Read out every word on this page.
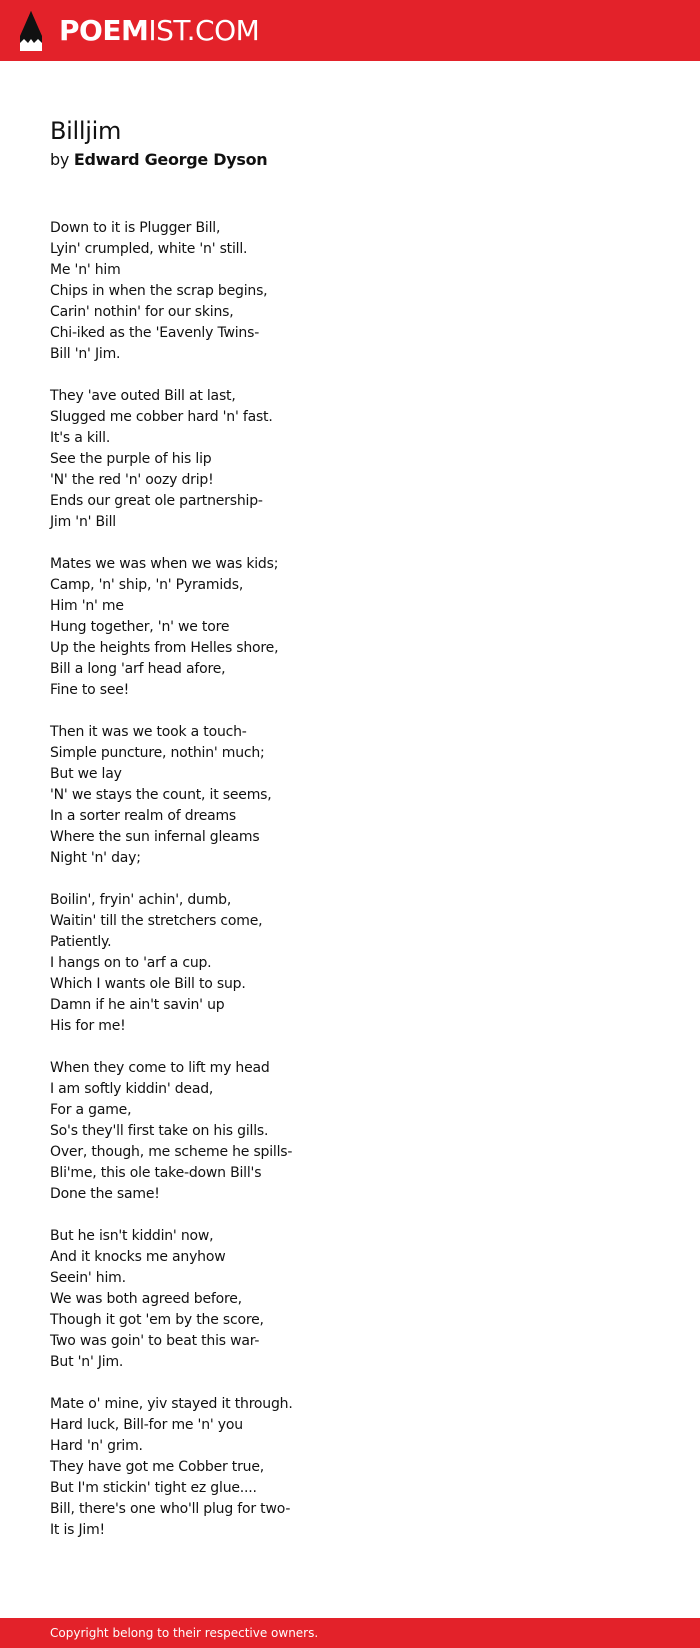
POEMIST.COM
Billjim

by Edward George Dyson

Down to it is Plugger Bill,
Lyin' crumpled, white 'n' still.
Me 'n' him
Chips in when the scrap begins,
Carin' nothin' for our skins,
Chi-iked as the 'Eavenly Twins-
Bill 'n' Jim.
They 'ave outed Bill at last,
Slugged me cobber hard 'n' fast.
It's a kill.
See the purple of his lip
'N' the red 'n' oozy drip!
Ends our great ole partnership-
Jim 'n' Bill
Mates we was when we was kids;
Camp, 'n' ship, 'n' Pyramids,
Him 'n' me
Hung together, 'n' we tore
Up the heights from Helles shore,
Bill a long 'arf head afore,
Fine to see!
Then it was we took a touch-
Simple puncture, nothin' much;
But we lay
'N' we stays the count, it seems,
In a sorter realm of dreams
Where the sun infernal gleams
Night 'n' day;
Boilin', fryin' achin', dumb,
Waitin' till the stretchers come,
Patiently.
I hangs on to 'arf a cup.
Which I wants ole Bill to sup.
Damn if he ain't savin' up
His for me!
When they come to lift my head
I am softly kiddin' dead,
For a game,
So's they'll first take on his gills.
Over, though, me scheme he spills-
Bli'me, this ole take-down Bill's
Done the same!
But he isn't kiddin' now,
And it knocks me anyhow
Seein' him.
We was both agreed before,
Though it got 'em by the score,
Two was goin' to beat this war-
But 'n' Jim.
Mate o' mine, yiv stayed it through.
Hard luck, Bill-for me 'n' you
Hard 'n' grim.
They have got me Cobber true,
But I'm stickin' tight ez glue....
Bill, there's one who'll plug for two-
It is Jim!
Copyright belong to their respective owners.
